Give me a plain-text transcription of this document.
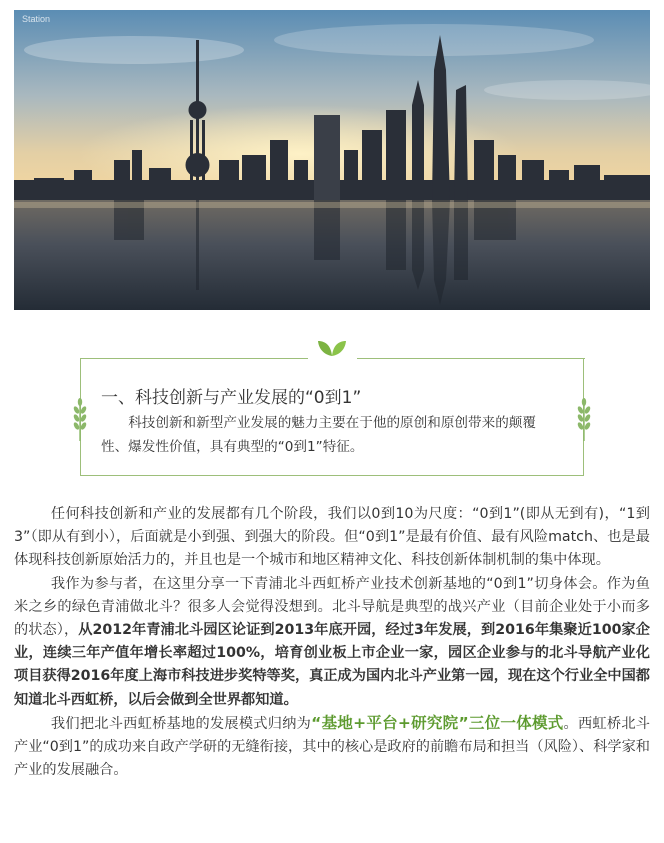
Station
一、科技创新与产业发展的“0到1”
科技创新和新型产业发展的魅力主要在于他的原创和原创带来的颠覆性、爆发性价值，具有典型的“0到1”特征。

任何科技创新和产业的发展都有几个阶段，我们以0到10为尺度：“0到1”(即从无到有)，“1到3”（即从有到小），后面就是小到强、到强大的阶段。但“0到1”是最有价值、最有风险match、也是最体现科技创新原始活力的，并且也是一个城市和地区精神文化、科技创新体制机制的集中体现。

我作为参与者，在这里分享一下青浦北斗西虹桥产业技术创新基地的“0到1”切身体会。作为鱼米之乡的绿色青浦做北斗？很多人会觉得没想到。北斗导航是典型的战兴产业（目前企业处于小而多的状态），从2012年青浦北斗园区论证到2013年底开园，经过3年发展，到2016年集聚近100家企业，连续三年产值年增长率超过100%，培育创业板上市企业一家，园区企业参与的北斗导航产业化项目获得2016年度上海市科技进步奖特等奖，真正成为国内北斗产业第一园，现在这个行业全中国都知道北斗西虹桥，以后会做到全世界都知道。

我们把北斗西虹桥基地的发展模式归纳为“基地+平台+研究院”三位一体模式。西虹桥北斗产业“0到1”的成功来自政产学研的无缝衔接，其中的核心是政府的前瞻布局和担当（风险）、科学家和产业的发展融合。
